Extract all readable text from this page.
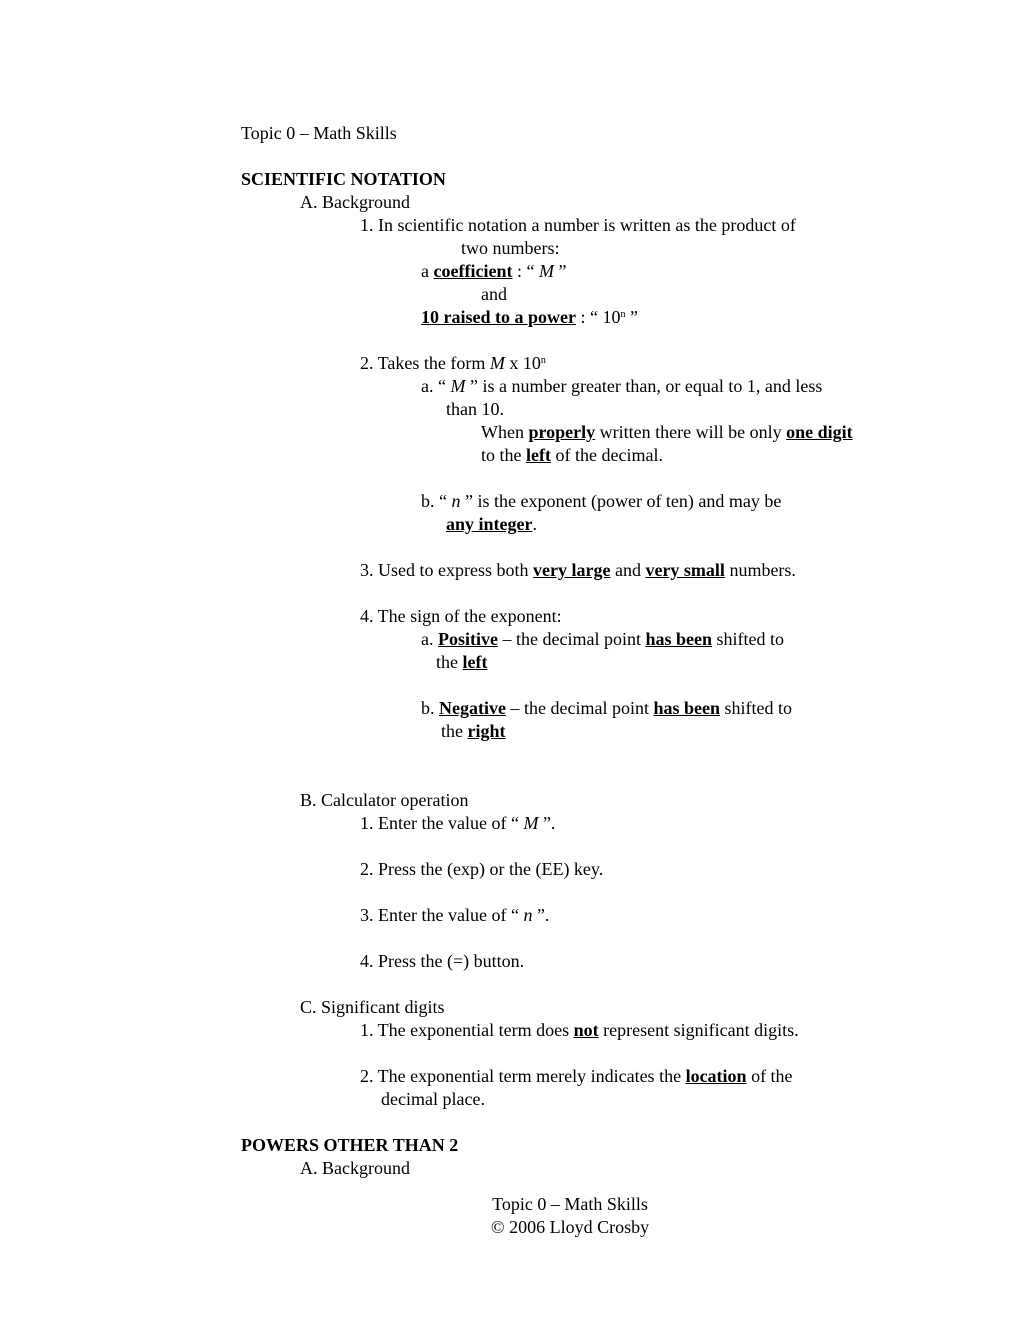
Topic 0 – Math Skills
SCIENTIFIC NOTATION
A. Background
1. In scientific notation a number is written as the product of
two numbers:
a coefficient : “ M ”
and
10 raised to a power : “ 10$^n$ ”
2. Takes the form M x 10$^n$
a. “ M ” is a number greater than, or equal to 1, and less
than 10.
When properly written there will be only one digit
to the left of the decimal.
b. “ n ” is the exponent (power of ten) and may be
any integer.
3. Used to express both very large and very small numbers.
4. The sign of the exponent:
a. Positive – the decimal point has been shifted to
the left
b. Negative – the decimal point has been shifted to
the right
B. Calculator operation
1. Enter the value of “ M ”.
2. Press the (exp) or the (EE) key.
3. Enter the value of “ n ”.
4. Press the (=) button.
C. Significant digits
1. The exponential term does not represent significant digits.
2. The exponential term merely indicates the location of the
decimal place.
POWERS OTHER THAN 2
A. Background
Topic 0 – Math Skills
© 2006 Lloyd Crosby
